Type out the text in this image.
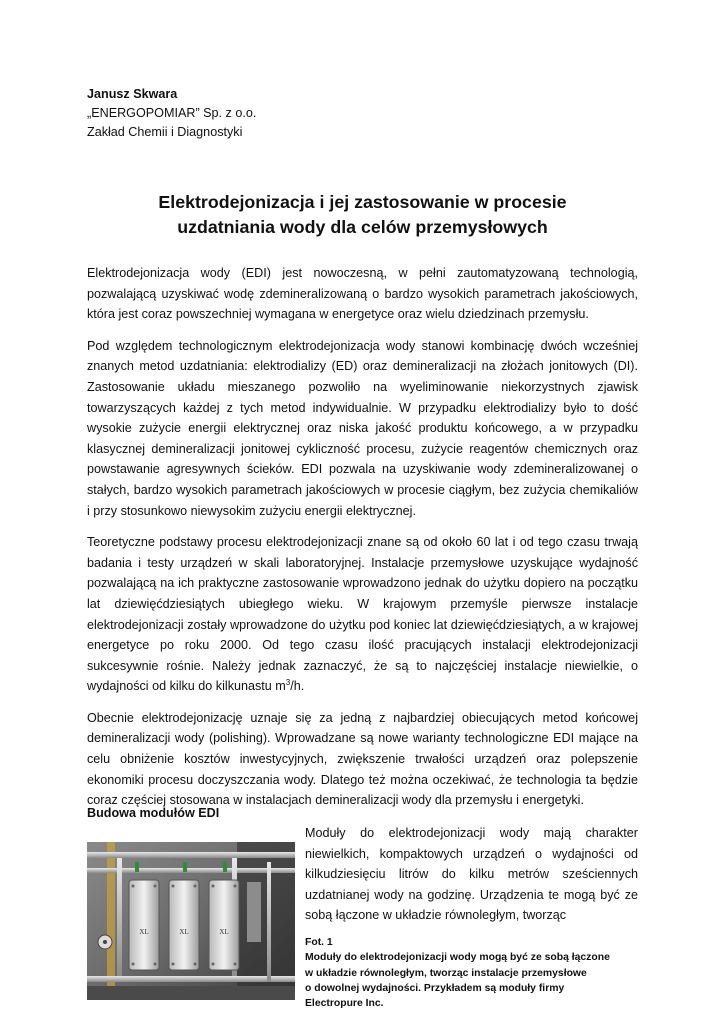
Janusz Skwara
„ENERGOPOMIAR” Sp. z o.o.
Zakład Chemii i Diagnostyki
Elektrodejonizacja i jej zastosowanie w procesie
uzdatniania wody dla celów przemysłowych

Elektrodejonizacja wody (EDI) jest nowoczesną, w pełni zautomatyzowaną technologią, pozwalającą uzyskiwać wodę zdemineralizowaną o bardzo wysokich parametrach jakościowych, która jest coraz powszechniej wymagana w energetyce oraz wielu dziedzinach przemysłu.

Pod względem technologicznym elektrodejonizacja wody stanowi kombinację dwóch wcześniej znanych metod uzdatniania: elektrodializy (ED) oraz demineralizacji na złożach jonitowych (DI). Zastosowanie układu mieszanego pozwoliło na wyeliminowanie niekorzystnych zjawisk towarzyszących każdej z tych metod indywidualnie. W przypadku elektrodializy było to dość wysokie zużycie energii elektrycznej oraz niska jakość produktu końcowego, a w przypadku klasycznej demineralizacji jonitowej cykliczność procesu, zużycie reagentów chemicznych oraz powstawanie agresywnych ścieków. EDI pozwala na uzyskiwanie wody zdemineralizowanej o stałych, bardzo wysokich parametrach jakościowych w procesie ciągłym, bez zużycia chemikaliów i przy stosunkowo niewysokim zużyciu energii elektrycznej.

Teoretyczne podstawy procesu elektrodejonizacji znane są od około 60 lat i od tego czasu trwają badania i testy urządzeń w skali laboratoryjnej. Instalacje przemysłowe uzyskujące wydajność pozwalającą na ich praktyczne zastosowanie wprowadzono jednak do użytku dopiero na początku lat dziewięćdziesiątych ubiegłego wieku. W krajowym przemyśle pierwsze instalacje elektrodejonizacji zostały wprowadzone do użytku pod koniec lat dziewięćdziesiątych, a w krajowej energetyce po roku 2000. Od tego czasu ilość pracujących instalacji elektrodejonizacji sukcesywnie rośnie. Należy jednak zaznaczyć, że są to najczęściej instalacje niewielkie, o wydajności od kilku do kilkunastu $m^3/h$.

Obecnie elektrodejonizację uznaje się za jedną z najbardziej obiecujących metod końcowej demineralizacji wody (polishing). Wprowadzane są nowe warianty technologiczne EDI mające na celu obniżenie kosztów inwestycyjnych, zwiększenie trwałości urządzeń oraz polepszenie ekonomiki procesu doczyszczania wody. Dlatego też można oczekiwać, że technologia ta będzie coraz częściej stosowana w instalacjach demineralizacji wody dla przemysłu i energetyki.

Budowa modułów EDI
XL	XL	XL

Moduły do elektrodejonizacji wody mają charakter niewielkich, kompaktowych urządzeń o wydajności od kilkudziesięciu litrów do kilku metrów sześciennych uzdatnianej wody na godzinę. Urządzenia te mogą być ze sobą łączone w układzie równoległym, tworząc

Fot. 1
Moduły do elektrodejonizacji wody mogą być ze sobą łączone
w układzie równoległym, tworząc instalacje przemysłowe
o dowolnej wydajności. Przykładem są moduły firmy
Electropure Inc.
